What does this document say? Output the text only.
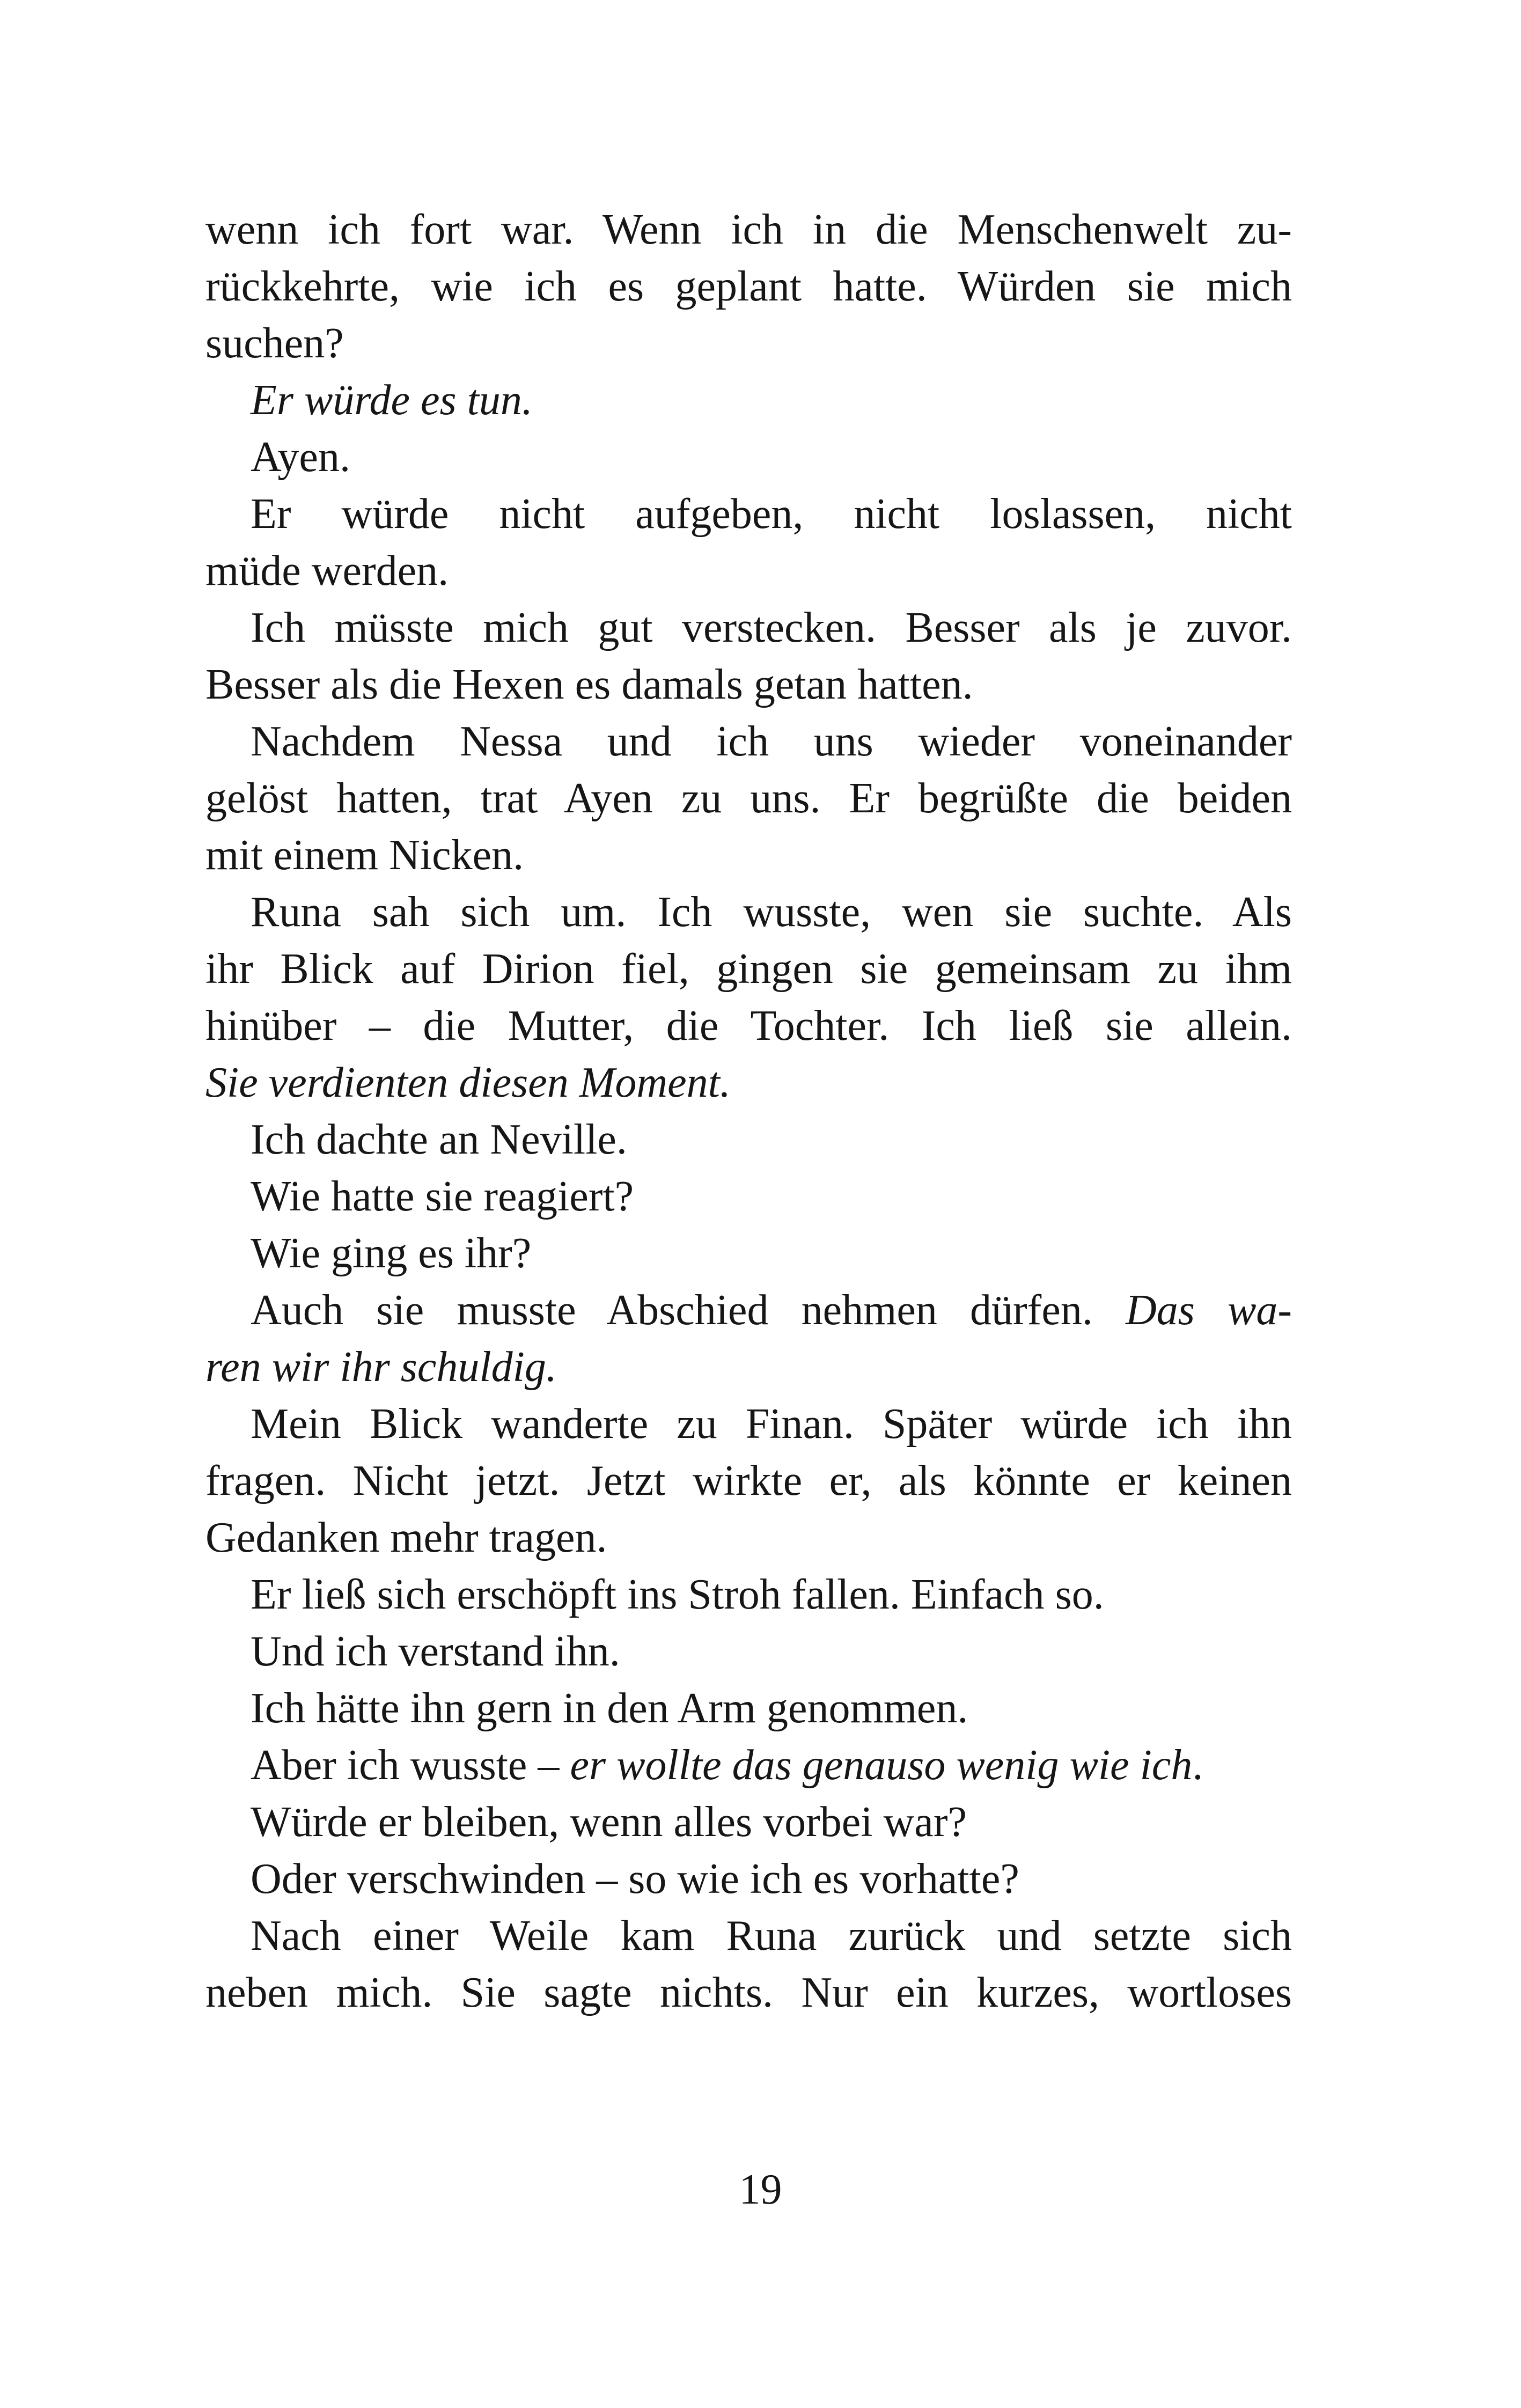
wenn ich fort war. Wenn ich in die Menschenwelt zu-
rückkehrte, wie ich es geplant hatte. Würden sie mich
suchen?
Er würde es tun.
Ayen.
Er würde nicht aufgeben, nicht loslassen, nicht
müde werden.
Ich müsste mich gut verstecken. Besser als je zuvor.
Besser als die Hexen es damals getan hatten.
Nachdem Nessa und ich uns wieder voneinander
gelöst hatten, trat Ayen zu uns. Er begrüßte die beiden
mit einem Nicken.
Runa sah sich um. Ich wusste, wen sie suchte. Als
ihr Blick auf Dirion fiel, gingen sie gemeinsam zu ihm
hinüber – die Mutter, die Tochter. Ich ließ sie allein.
Sie verdienten diesen Moment.
Ich dachte an Neville.
Wie hatte sie reagiert?
Wie ging es ihr?
Auch sie musste Abschied nehmen dürfen. Das wa-
ren wir ihr schuldig.
Mein Blick wanderte zu Finan. Später würde ich ihn
fragen. Nicht jetzt. Jetzt wirkte er, als könnte er keinen
Gedanken mehr tragen.
Er ließ sich erschöpft ins Stroh fallen. Einfach so.
Und ich verstand ihn.
Ich hätte ihn gern in den Arm genommen.
Aber ich wusste – er wollte das genauso wenig wie ich.
Würde er bleiben, wenn alles vorbei war?
Oder verschwinden – so wie ich es vorhatte?
Nach einer Weile kam Runa zurück und setzte sich
neben mich. Sie sagte nichts. Nur ein kurzes, wortloses
19
